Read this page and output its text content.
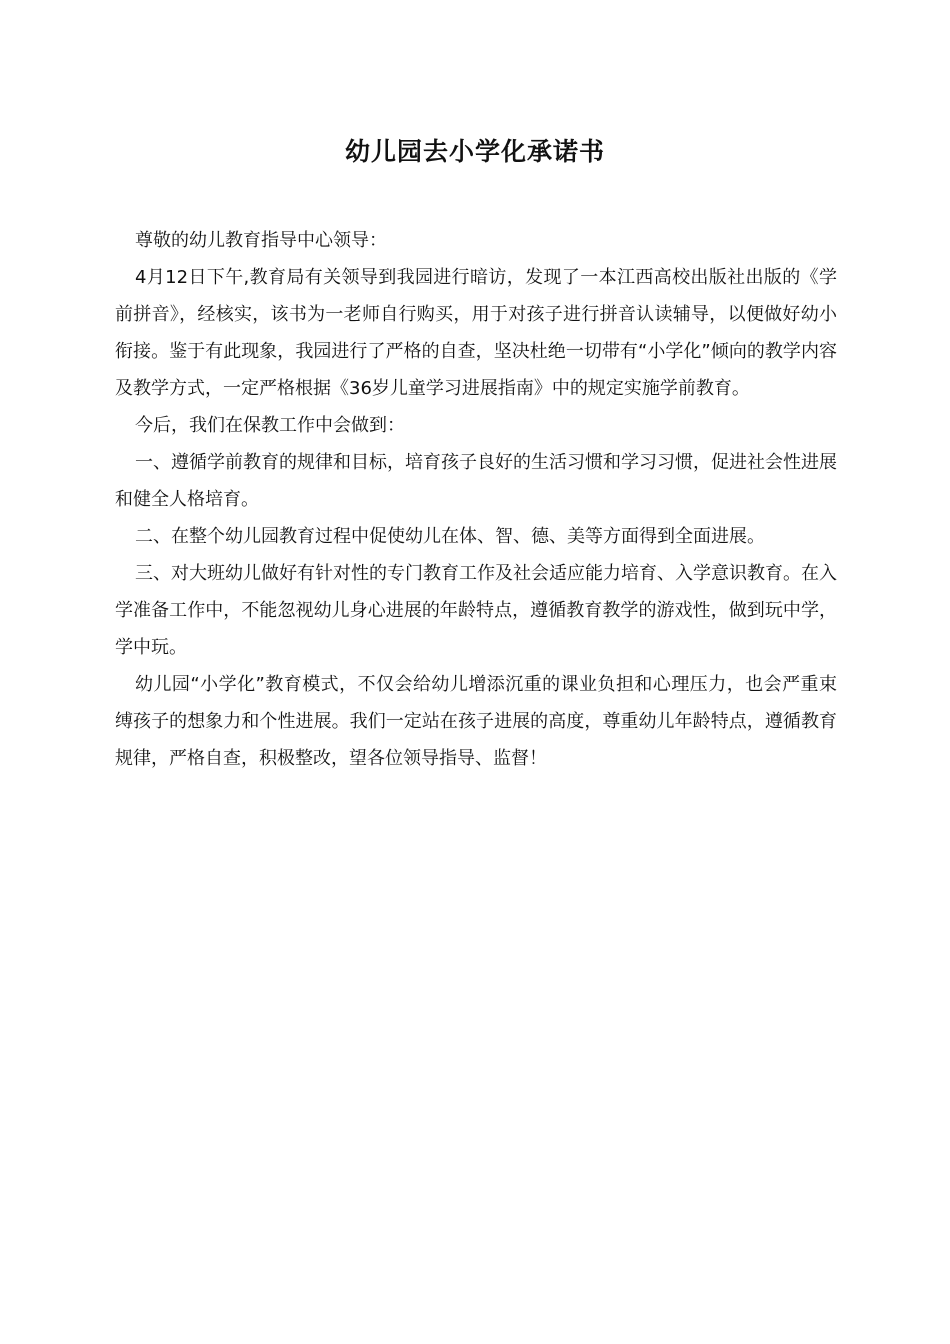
幼儿园去小学化承诺书

尊敬的幼儿教育指导中心领导：

4月12日下午,教育局有关领导到我园进行暗访，发现了一本江西高校出版社出版的《学前拼音》，经核实，该书为一老师自行购买，用于对孩子进行拼音认读辅导，以便做好幼小衔接。鉴于有此现象，我园进行了严格的自查，坚决杜绝一切带有“小学化”倾向的教学内容及教学方式，一定严格根据《36岁儿童学习进展指南》中的规定实施学前教育。

今后，我们在保教工作中会做到：

一、遵循学前教育的规律和目标，培育孩子良好的生活习惯和学习习惯，促进社会性进展和健全人格培育。

二、在整个幼儿园教育过程中促使幼儿在体、智、德、美等方面得到全面进展。

三、对大班幼儿做好有针对性的专门教育工作及社会适应能力培育、入学意识教育。在入学准备工作中，不能忽视幼儿身心进展的年龄特点，遵循教育教学的游戏性，做到玩中学，学中玩。

幼儿园“小学化”教育模式，不仅会给幼儿增添沉重的课业负担和心理压力，也会严重束缚孩子的想象力和个性进展。我们一定站在孩子进展的高度，尊重幼儿年龄特点，遵循教育规律，严格自查，积极整改，望各位领导指导、监督！
